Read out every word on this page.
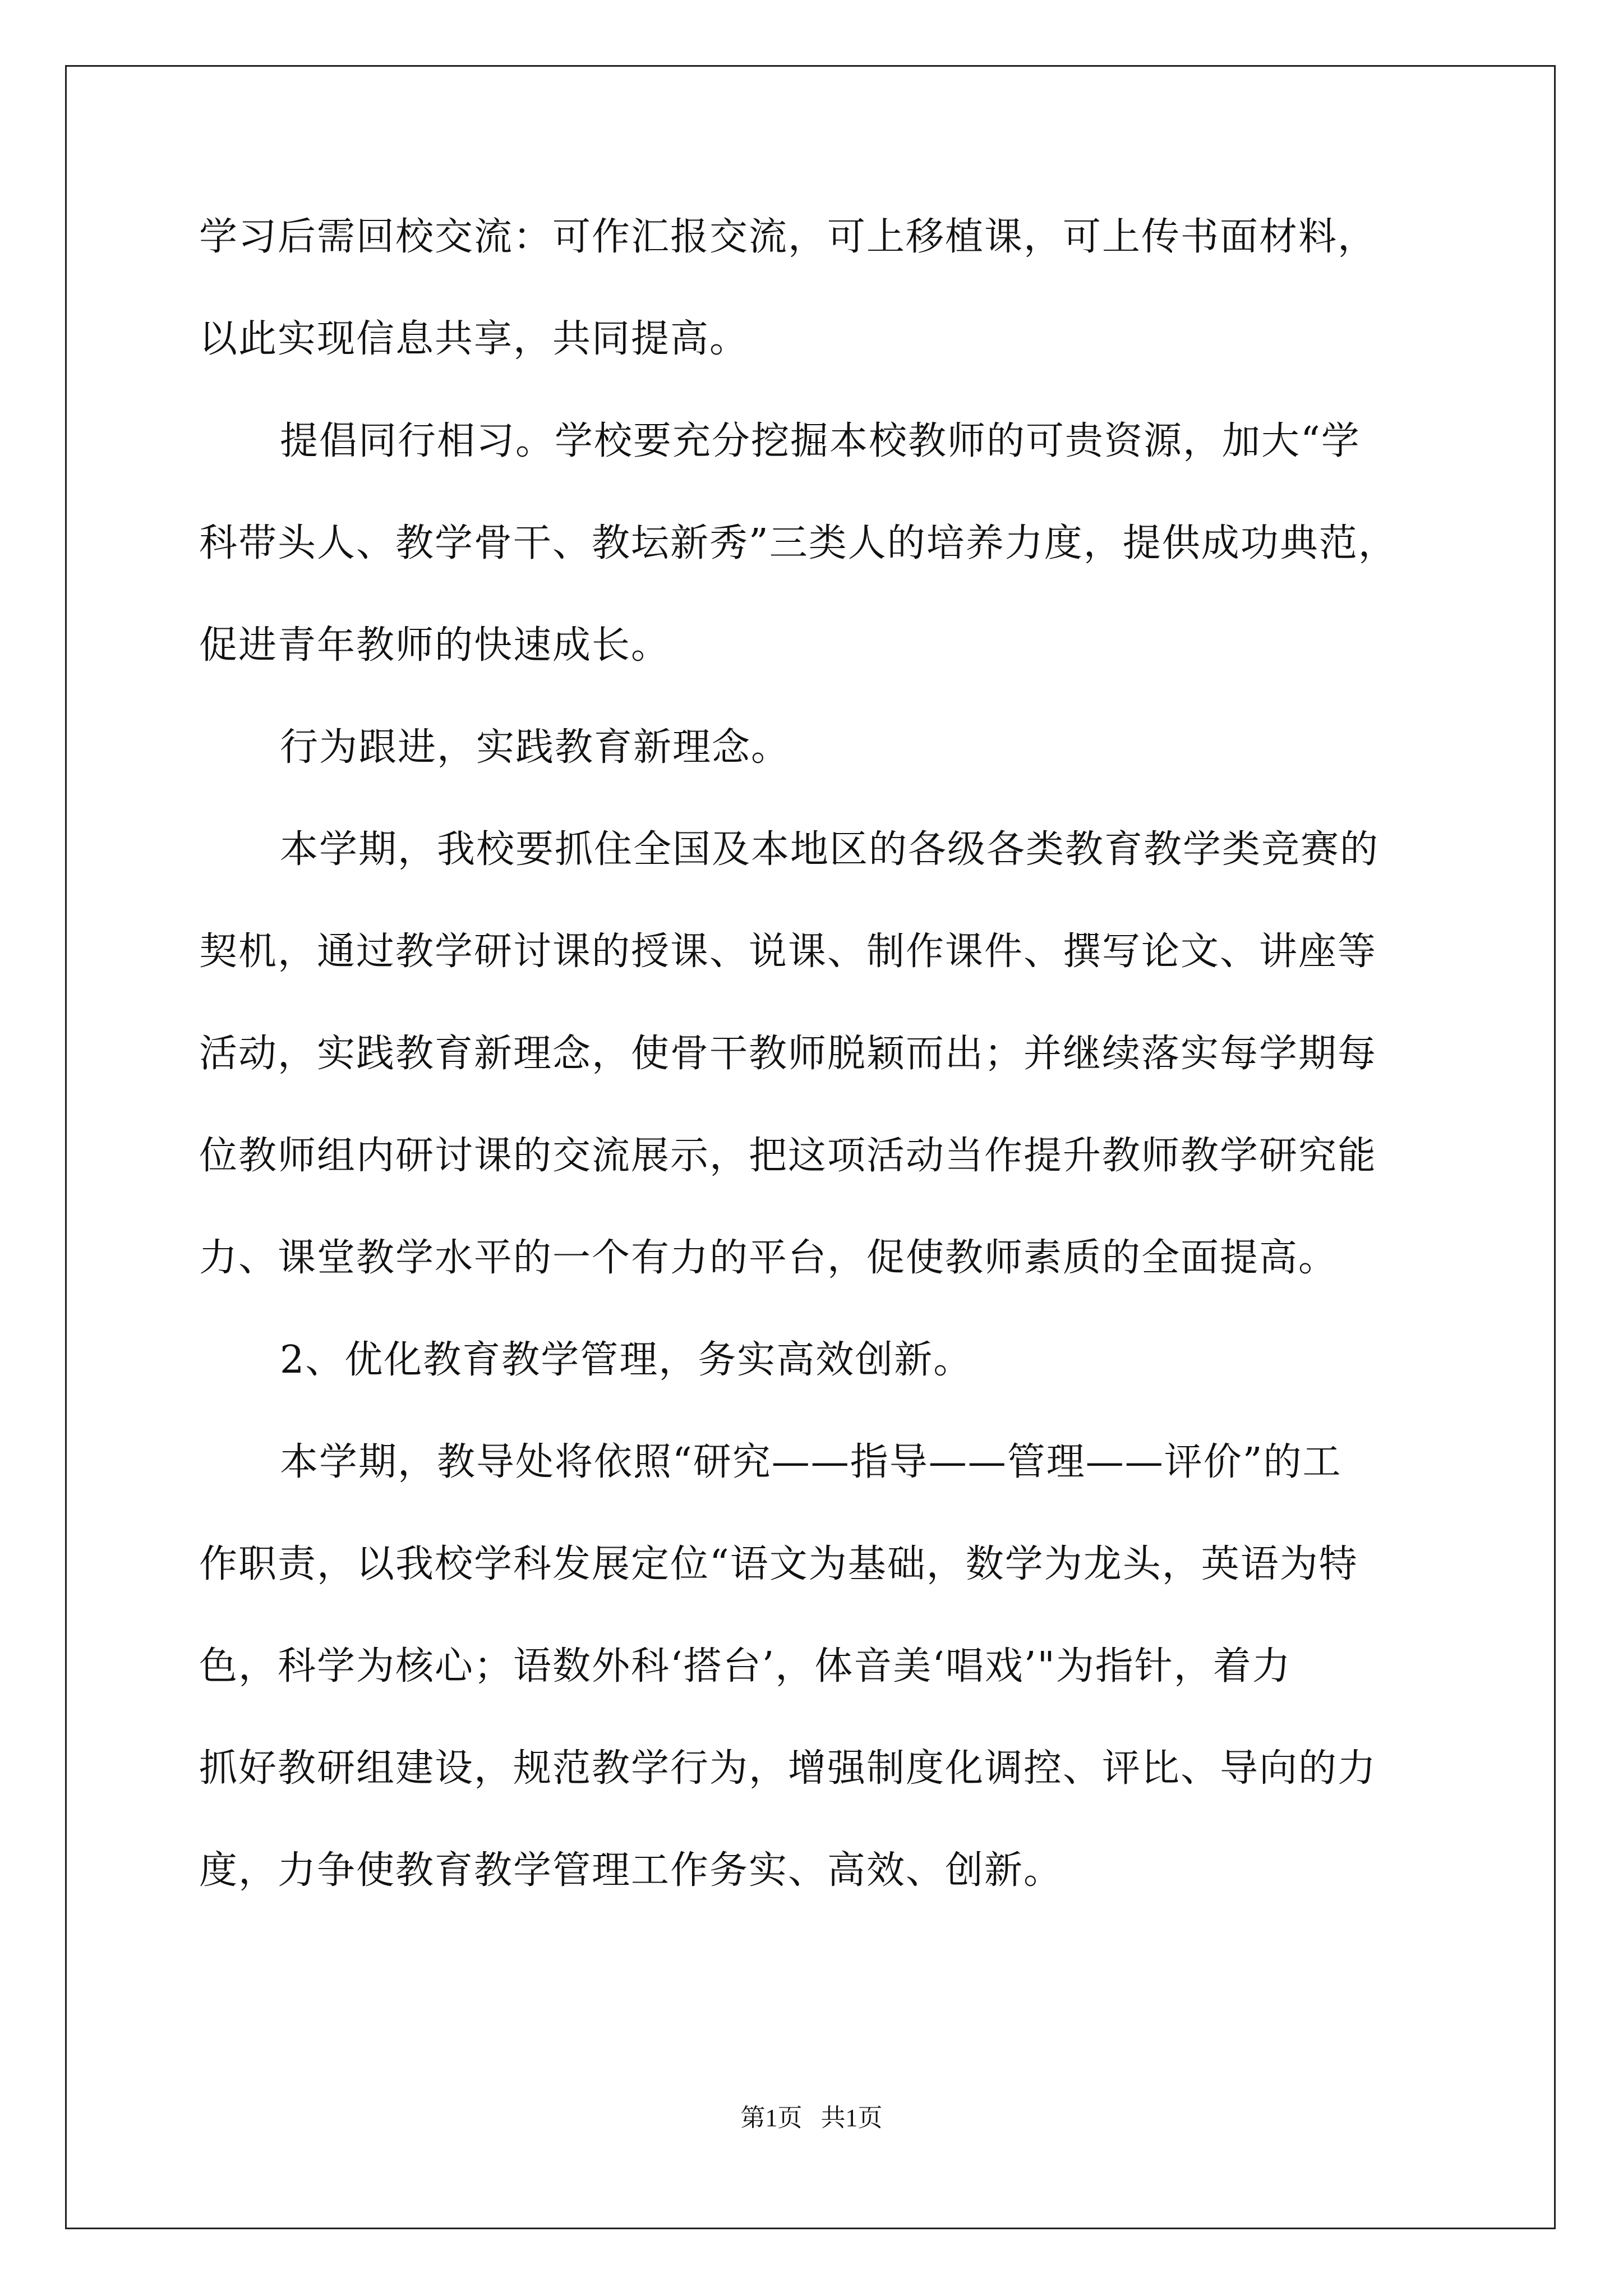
学习后需回校交流：可作汇报交流，可上移植课，可上传书面材料，
以此实现信息共享，共同提高。
提倡同行相习。学校要充分挖掘本校教师的可贵资源，加大“学
科带头人、教学骨干、教坛新秀”三类人的培养力度，提供成功典范，
促进青年教师的快速成长。
行为跟进，实践教育新理念。
本学期，我校要抓住全国及本地区的各级各类教育教学类竞赛的
契机，通过教学研讨课的授课、说课、制作课件、撰写论文、讲座等
活动，实践教育新理念，使骨干教师脱颖而出；并继续落实每学期每
位教师组内研讨课的交流展示，把这项活动当作提升教师教学研究能
力、课堂教学水平的一个有力的平台，促使教师素质的全面提高。
2、优化教育教学管理，务实高效创新。
本学期，教导处将依照“研究——指导——管理——评价”的工
作职责，以我校学科发展定位“语文为基础，数学为龙头，英语为特
色，科学为核心；语数外科‘搭台’，体音美‘唱戏’"为指针，着力
抓好教研组建设，规范教学行为，增强制度化调控、评比、导向的力
度，力争使教育教学管理工作务实、高效、创新。
第1页   共1页
